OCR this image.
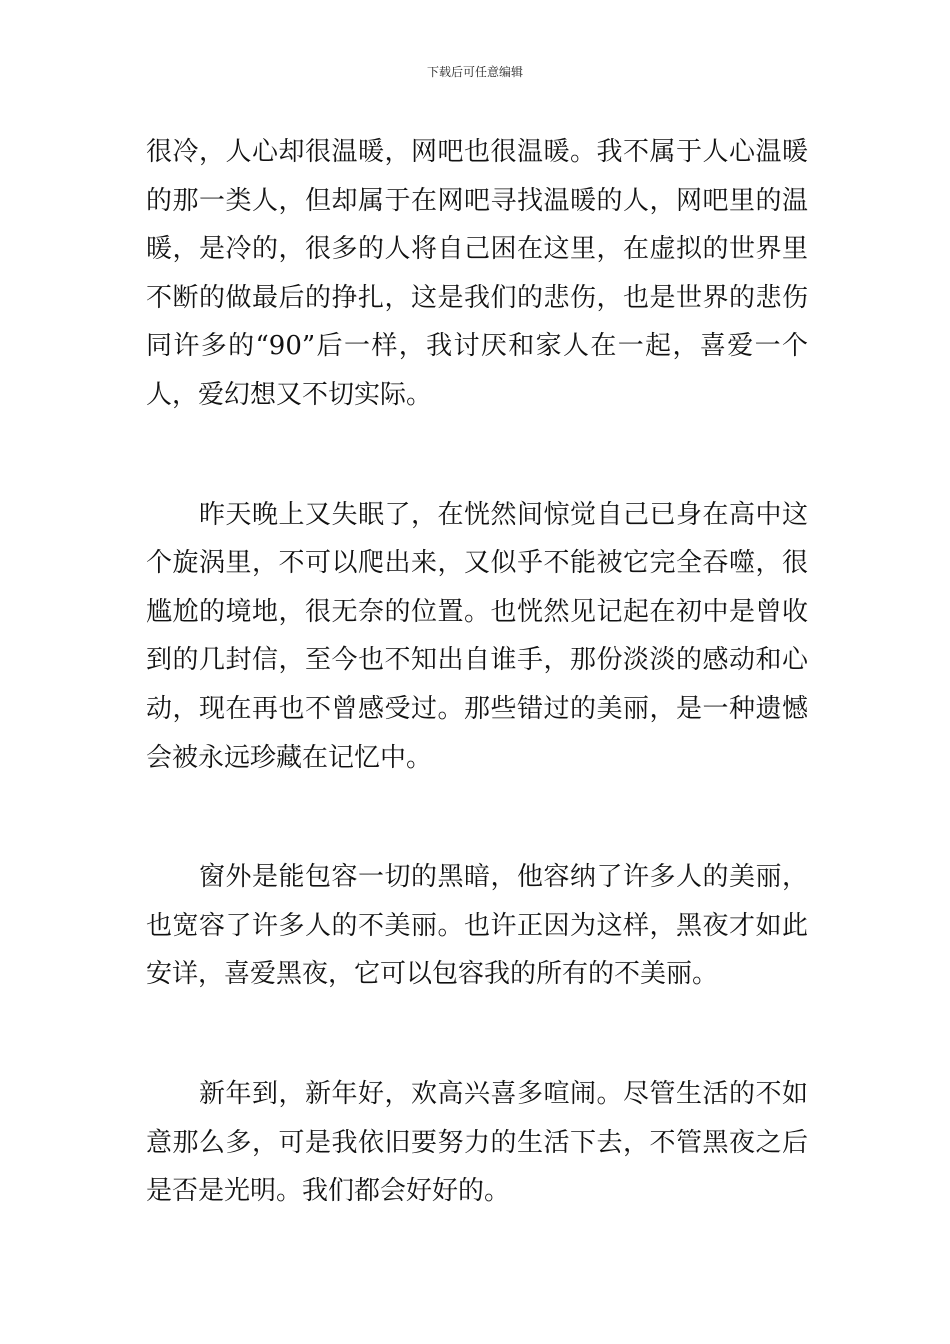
下载后可任意编辑
很冷，人心却很温暖，网吧也很温暖。我不属于人心温暖
的那一类人，但却属于在网吧寻找温暖的人，网吧里的温
暖，是冷的，很多的人将自己困在这里，在虚拟的世界里
不断的做最后的挣扎，这是我们的悲伤，也是世界的悲伤
同许多的“90”后一样，我讨厌和家人在一起，喜爱一个
人，爱幻想又不切实际。
　　昨天晚上又失眠了，在恍然间惊觉自己已身在高中这
个旋涡里，不可以爬出来，又似乎不能被它完全吞噬，很
尴尬的境地，很无奈的位置。也恍然见记起在初中是曾收
到的几封信，至今也不知出自谁手，那份淡淡的感动和心
动，现在再也不曾感受过。那些错过的美丽，是一种遗憾
会被永远珍藏在记忆中。
　　窗外是能包容一切的黑暗，他容纳了许多人的美丽，
也宽容了许多人的不美丽。也许正因为这样，黑夜才如此
安详，喜爱黑夜，它可以包容我的所有的不美丽。
　　新年到，新年好，欢高兴喜多喧闹。尽管生活的不如
意那么多，可是我依旧要努力的生活下去，不管黑夜之后
是否是光明。我们都会好好的。
